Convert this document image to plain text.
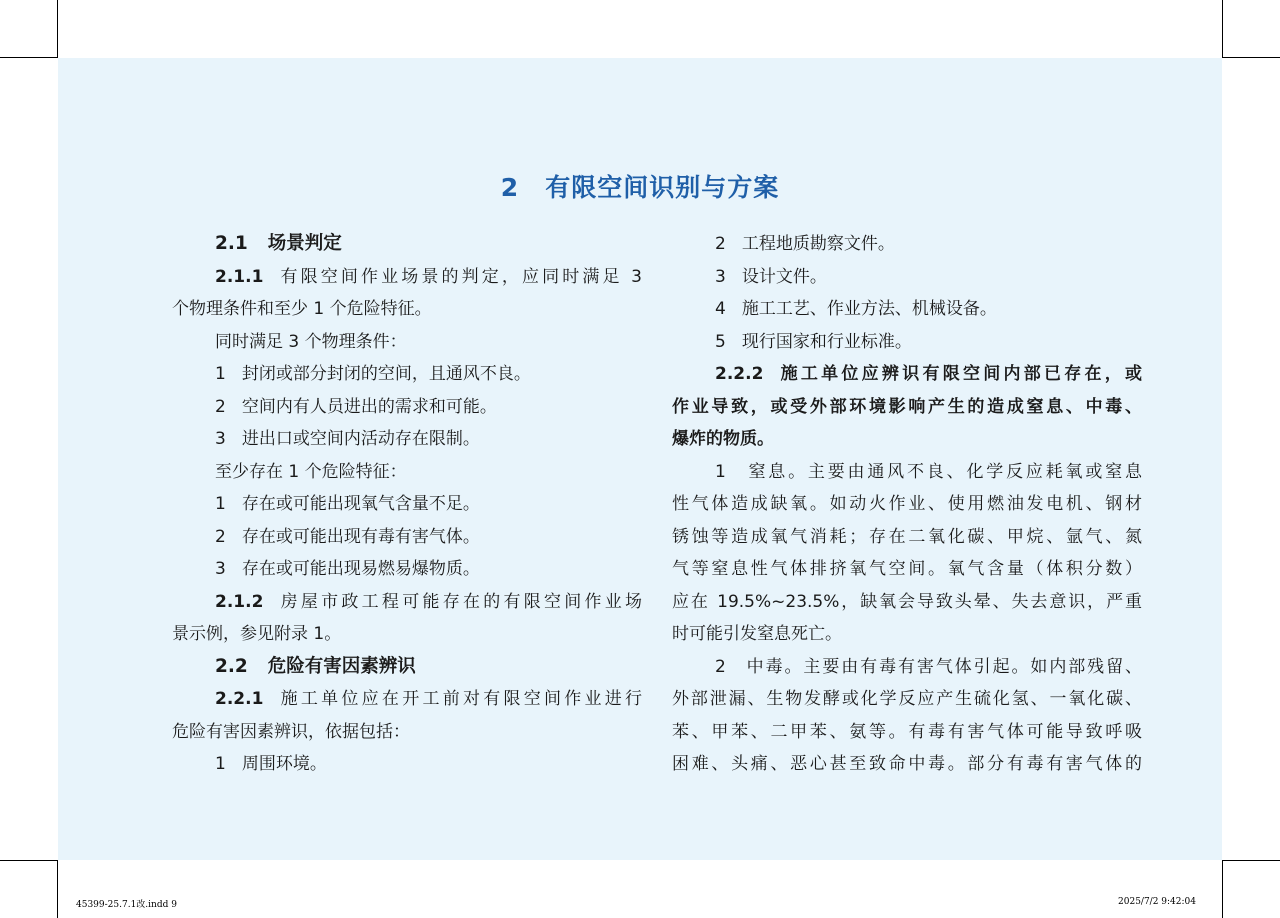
2 有限空间识别与方案
2.1 场景判定
2.1.1 有限空间作业场景的判定，应同时满足 3
个物理条件和至少 1 个危险特征。
同时满足 3 个物理条件：
1 封闭或部分封闭的空间，且通风不良。
2 空间内有人员进出的需求和可能。
3 进出口或空间内活动存在限制。
至少存在 1 个危险特征：
1 存在或可能出现氧气含量不足。
2 存在或可能出现有毒有害气体。
3 存在或可能出现易燃易爆物质。
2.1.2 房屋市政工程可能存在的有限空间作业场
景示例，参见附录 1。
2.2 危险有害因素辨识
2.2.1 施工单位应在开工前对有限空间作业进行
危险有害因素辨识，依据包括：
1 周围环境。
2 工程地质勘察文件。
3 设计文件。
4 施工工艺、作业方法、机械设备。
5 现行国家和行业标准。
2.2.2 施工单位应辨识有限空间内部已存在，或
作业导致，或受外部环境影响产生的造成窒息、中毒、
爆炸的物质。
1　窒息。主要由通风不良、化学反应耗氧或窒息
性气体造成缺氧。如动火作业、使用燃油发电机、钢材
锈蚀等造成氧气消耗；存在二氧化碳、甲烷、氩气、氮
气等窒息性气体排挤氧气空间。氧气含量（体积分数）
应在 19.5%~23.5%，缺氧会导致头晕、失去意识，严重
时可能引发窒息死亡。
2　中毒。主要由有毒有害气体引起。如内部残留、
外部泄漏、生物发酵或化学反应产生硫化氢、一氧化碳、
苯、甲苯、二甲苯、氨等。有毒有害气体可能导致呼吸
困难、头痛、恶心甚至致命中毒。部分有毒有害气体的
45399-25.7.1改.indd 9	2025/7/2 9:42:04
